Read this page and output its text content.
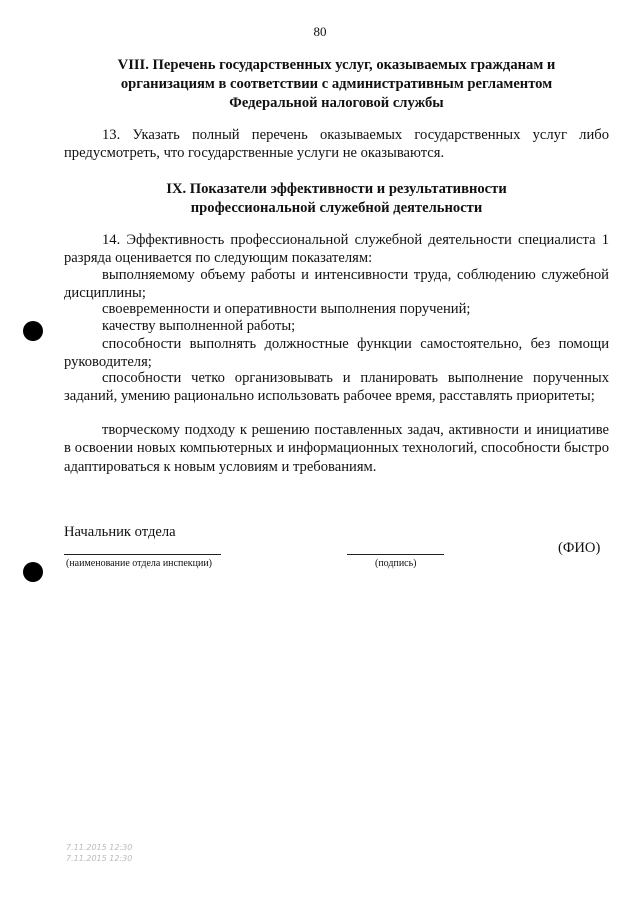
80
VIII. Перечень государственных услуг, оказываемых гражданам и
организациям в соответствии с административным регламентом
Федеральной налоговой службы
13. Указать полный перечень оказываемых государственных услуг либо предусмотреть, что государственные услуги не оказываются.
IX. Показатели эффективности и результативности
профессиональной служебной деятельности
14. Эффективность профессиональной служебной деятельности специалиста 1 разряда оценивается по следующим показателям:
выполняемому объему работы и интенсивности труда, соблюдению служебной дисциплины;
своевременности и оперативности выполнения поручений;
качеству выполненной работы;
способности выполнять должностные функции самостоятельно, без помощи руководителя;
способности четко организовывать и планировать выполнение порученных заданий, умению рационально использовать рабочее время, расставлять приоритеты;
творческому подходу к решению поставленных задач, активности и инициативе в освоении новых компьютерных и информационных технологий, способности быстро адаптироваться к новым условиям и требованиям.
Начальник отдела
(наименование отдела инспекции)	(подпись)
(ФИО)
7.11.2015 12:30
7.11.2015 12:30
